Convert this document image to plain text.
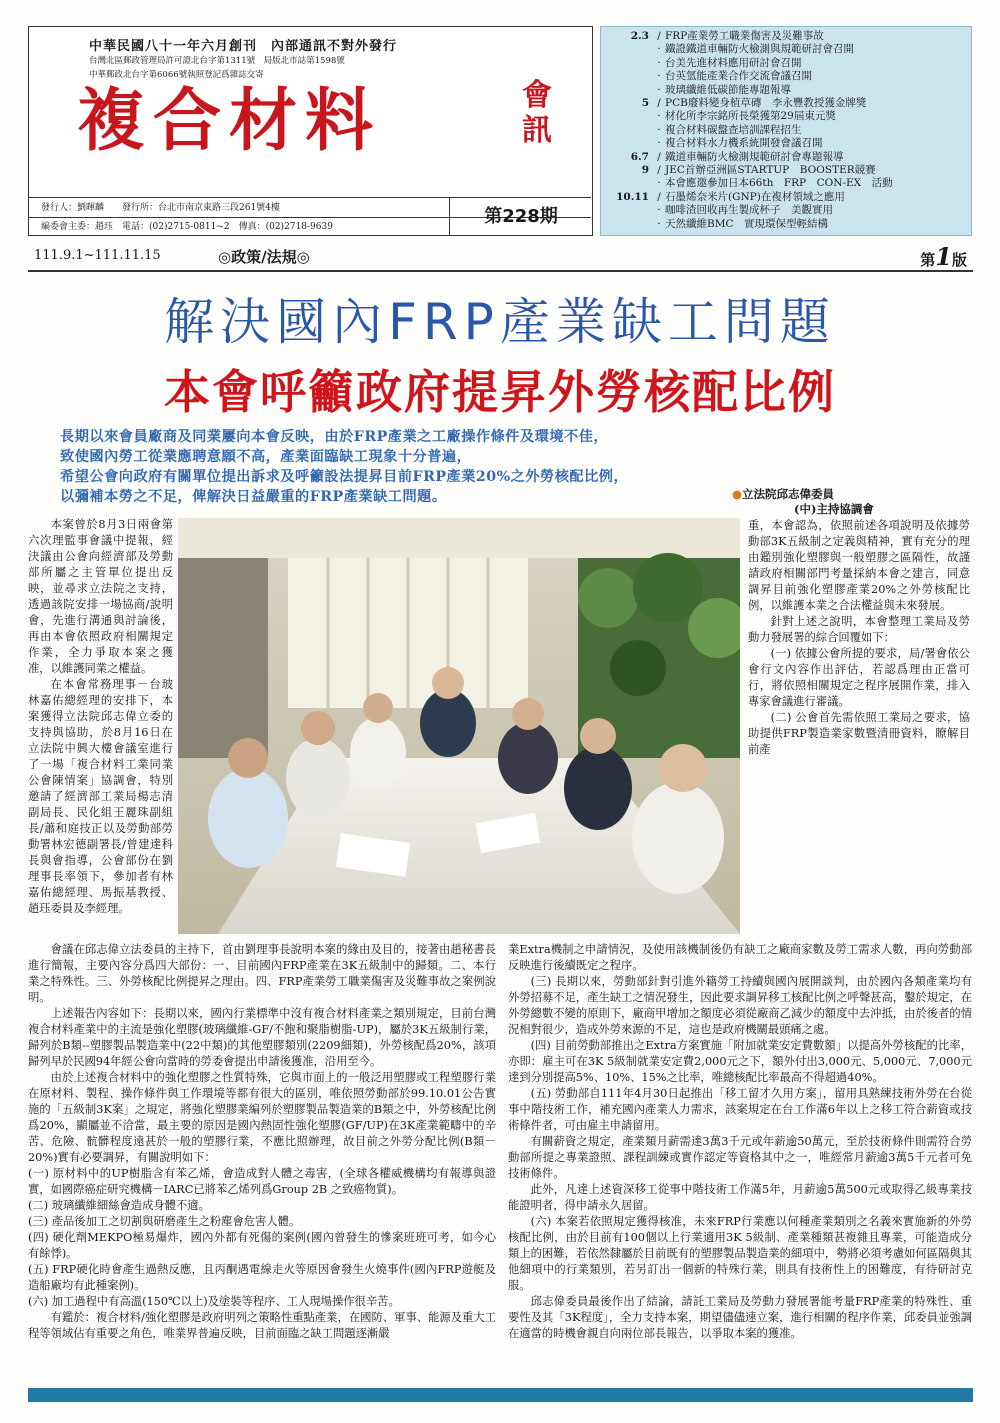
中華民國八十一年六月創刊　內部通訊不對外發行
台灣北區郵政管理局許可證北台字第1311號　局版北市誌第1598號
中華郵政北台字第6066號執照登記爲雜誌交寄
複合材料	會訊
發行人：劉暉麟　　發行所：台北市南京東路三段261號4樓
編委會主委：趙珏　電話：(02)2715-0811~2　傳真：(02)2718-9639	第228期
2.3 / FRP產業勞工職業傷害及災難事故
· 鐵證鐵道車輛防火檢測與規範研討會召開
· 台美先進材料應用研討會召開
· 台英氫能產業合作交流會議召開
· 玻璃纖維低碳節能專題報導
5 / PCB廢料變身植草磚　李永豐教授獲金牌獎
· 材化所李宗銘所長榮獲第29屆東元獎
· 複合材料碳盤查培訓課程招生
· 複合材料水力機系統開發會議召開
6.7 / 鐵道車輛防火檢測規範研討會專題報導
9 / JEC首辦亞洲區STARTUP　BOOSTER競賽
· 本會應邀參加日本66th　FRP　CON-EX　活動
10.11 / 石墨烯奈米片(GNP)在複材領域之應用
· 咖啡渣回收再生製成杯子　美觀實用
· 天然纖維BMC　實現環保型輕結構
111.9.1~111.11.15	◎政策/法規◎	第1版
解決國內FRP產業缺工問題
本會呼籲政府提昇外勞核配比例
長期以來會員廠商及同業屢向本會反映，由於FRP產業之工廠操作條件及環境不佳，
致使國內勞工從業應聘意願不高，產業面臨缺工現象十分普遍，
希望公會向政府有關單位提出訴求及呼籲設法提昇目前FRP產業20%之外勞核配比例，
以彌補本勞之不足，俾解決日益嚴重的FRP產業缺工問題。	●立法院邱志偉委員
(中)主持協調會

本案曾於8月3日兩會第六次理監事會議中提報，經決議由公會向經濟部及勞動部所屬之主管單位提出反映，並尋求立法院之支持，透過該院安排一場協商/說明會，先進行溝通與討論後，再由本會依照政府相關規定作業，全力爭取本案之獲准，以維護同業之權益。

在本會常務理事－台玻林嘉佑總經理的安排下，本案獲得立法院邱志偉立委的支持與協助，於8月16日在立法院中興大樓會議室進行了一場「複合材料工業同業公會陳情案」協調會，特別邀請了經濟部工業局楊志清副局長、民化組王麗珠副組長/蕭和庭技正以及勞動部勞動署林宏德副署長/曾建達科長與會指導，公會部份在劉理事長率領下，參加者有林嘉佑總經理、馬振基教授、趙珏委員及李經理。

重，本會認為，依照前述各項說明及依據勞動部3K五級制之定義與精神，實有充分的理由鑑別強化塑膠與一般塑膠之區隔性，故謹請政府相關部門考量採納本會之建言，同意調昇目前強化塑膠產業20%之外勞核配比例，以維護本業之合法權益與未來發展。

針對上述之說明，本會整理工業局及勞動力發展署的綜合回覆如下：

(一) 依據公會所提的要求，局/署會依公會行文內容作出評估，若認爲理由正當可行，將依照相關規定之程序展開作業，排入專家會議進行審議。

(二) 公會首先需依照工業局之要求，協助提供FRP製造業家數暨清冊資料，瞭解目前產

會議在邱志偉立法委員的主持下，首由劉理事長說明本案的緣由及目的，接著由趙秘書長進行簡報，主要內容分爲四大部份：一、目前國內FRP產業在3K五級制中的歸類。二、本行業之特殊性。三、外勞核配比例提昇之理由。四、FRP產業勞工職業傷害及災難事故之案例說明。

上述報告內容如下：長期以來，國內行業標準中沒有複合材料產業之類別規定，目前台灣複合材料產業中的主流是強化塑膠(玻璃纖維-GF/不飽和聚脂樹脂-UP)，屬於3K五級制行業，歸列於B類--塑膠製品製造業中(22中類)的其他塑膠類別(2209細類)，外勞核配爲20%，該項歸列早於民國94年經公會向當時的勞委會提出申請後獲准，沿用至今。

由於上述複合材料中的強化塑膠之性質特殊，它與市面上的一般泛用塑膠或工程塑膠行業在原材料、製程、操作條件與工作環境等都有很大的區別，唯依照勞動部於99.10.01公告實施的「五級制3K案」之規定，將強化塑膠業編列於塑膠製品製造業的B類之中，外勞核配比例爲20%，顯屬並不洽當，最主要的原因是國內熱固性強化塑膠(GF/UP)在3K產業範疇中的辛苦、危險、骯髒程度遠甚於一般的塑膠行業，不應比照辦理，故目前之外勞分配比例(B類－20%)實有必要調昇，有關說明如下：

(一) 原材料中的UP樹脂含有苯乙烯，會造成對人體之毒害，(全球各權威機構均有報導與證實，如國際癌症研究機構－IARC已將苯乙烯列爲Group 2B 之致癌物質)。

(二) 玻璃纖維細絲會造成身體不適。

(三) 產品後加工之切割與研磨產生之粉塵會危害人體。

(四) 硬化劑MEKPO極易爆炸，國內外都有死傷的案例(國內曾發生的慘案班班可考，如今心有餘悸)。

(五) FRP硬化時會產生過熱反應，且丙酮遇電線走火等原因會發生火燒事件(國內FRP遊艇及造船廠均有此種案例)。

(六) 加工過程中有高溫(150℃以上)及塗裝等程序、工人現場操作很辛苦。

有鑑於：複合材料/強化塑膠是政府明列之策略性重點產業，在國防、軍事、能源及重大工程等領域佔有重要之角色，唯業界普遍反映，目前面臨之缺工問題逐漸嚴

業Extra機制之申請情況，及使用該機制後仍有缺工之廠商家數及勞工需求人數，再向勞動部反映進行後續既定之程序。

(三) 長期以來，勞動部針對引進外籍勞工持續與國內展開談判，由於國內各類產業均有外勞招募不足，產生缺工之情況發生，因此要求調昇移工核配比例之呼聲甚高，鑿於規定，在外勞總數不變的原則下，廠商甲增加之額度必須從廠商乙減少的額度中去沖抵，由於後者的情況相對很少，造成外勞來源的不足，這也是政府機關最頭痛之處。

(四) 目前勞動部推出之Extra方案實施「附加就業安定費數額」以提高外勞核配的比率，亦即：雇主可在3K 5級制就業安定費2,000元之下，額外付出3,000元、5,000元、7,000元達到分別提高5%、10%、15%之比率，唯總核配比率最高不得超過40%。

(五) 勞動部自111年4月30日起推出「移工留才久用方案」，留用具熟練技術外勞在台從事中階技術工作，補充國內產業人力需求，該案規定在台工作滿6年以上之移工符合薪資或技術條件者，可由雇主申請留用。

有關薪資之規定，產業類月薪需達3萬3千元或年薪逾50萬元，至於技術條件則需符合勞動部所提之專業證照、課程訓練或實作認定等資格其中之一，唯經常月薪逾3萬5千元者可免技術條件。

此外，凡達上述資深移工從事中階技術工作滿5年，月薪逾5萬500元或取得乙級專業技能證明者，得申請永久居留。

(六) 本案若依照規定獲得核准，未來FRP行業應以何種產業類別之名義來實施新的外勞核配比例，由於目前有100個以上行業適用3K 5級制、產業種類甚複雜且專業，可能造成分類上的困難，若依然隸屬於目前既有的塑膠製品製造業的細項中，勢將必須考慮如何區隔與其他細項中的行業類別，若另訂出一個新的特殊行業，則具有技術性上的困難度，有待研討克服。

邱志偉委員最後作出了結論，請託工業局及勞動力發展署能考量FRP產業的特殊性、重要性及其「3K程度」，全力支持本案，期望儘儘速立案，進行相關的程序作業，邱委員並強調在適當的時機會親自向兩位部長報告，以爭取本案的獲准。
